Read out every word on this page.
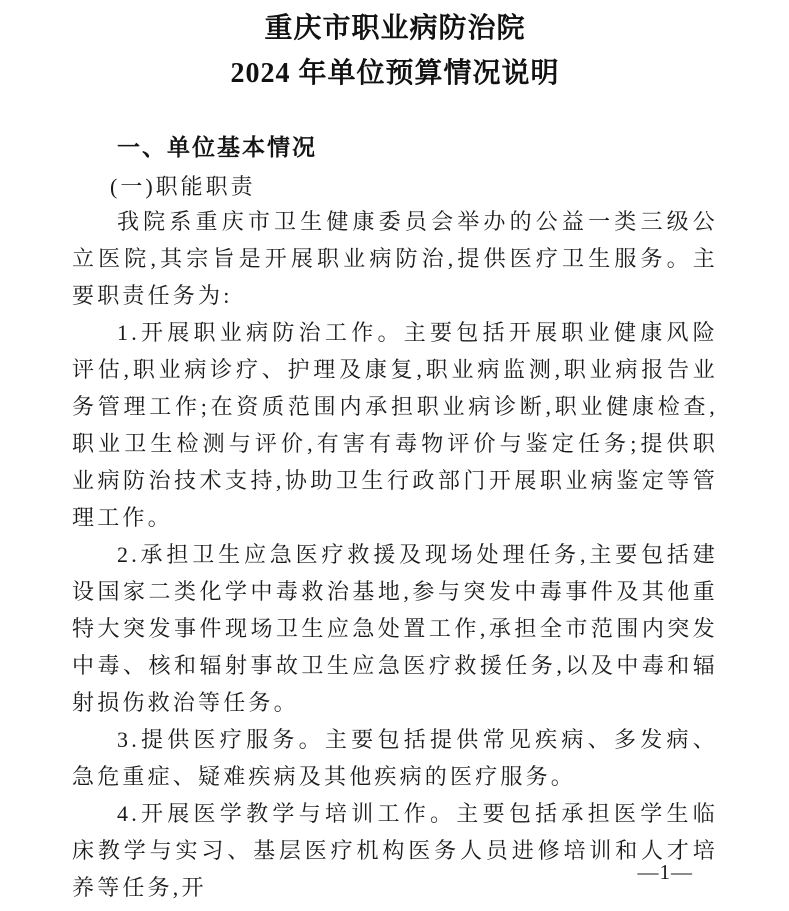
重庆市职业病防治院
2024 年单位预算情况说明
一、单位基本情况
(一)职能职责

我院系重庆市卫生健康委员会举办的公益一类三级公立医院,其宗旨是开展职业病防治,提供医疗卫生服务。主要职责任务为:

1.开展职业病防治工作。主要包括开展职业健康风险评估,职业病诊疗、护理及康复,职业病监测,职业病报告业务管理工作;在资质范围内承担职业病诊断,职业健康检查,职业卫生检测与评价,有害有毒物评价与鉴定任务;提供职业病防治技术支持,协助卫生行政部门开展职业病鉴定等管理工作。

2.承担卫生应急医疗救援及现场处理任务,主要包括建设国家二类化学中毒救治基地,参与突发中毒事件及其他重特大突发事件现场卫生应急处置工作,承担全市范围内突发中毒、核和辐射事故卫生应急医疗救援任务,以及中毒和辐射损伤救治等任务。

3.提供医疗服务。主要包括提供常见疾病、多发病、急危重症、疑难疾病及其他疾病的医疗服务。

4.开展医学教学与培训工作。主要包括承担医学生临床教学与实习、基层医疗机构医务人员进修培训和人才培养等任务,开

—1—
